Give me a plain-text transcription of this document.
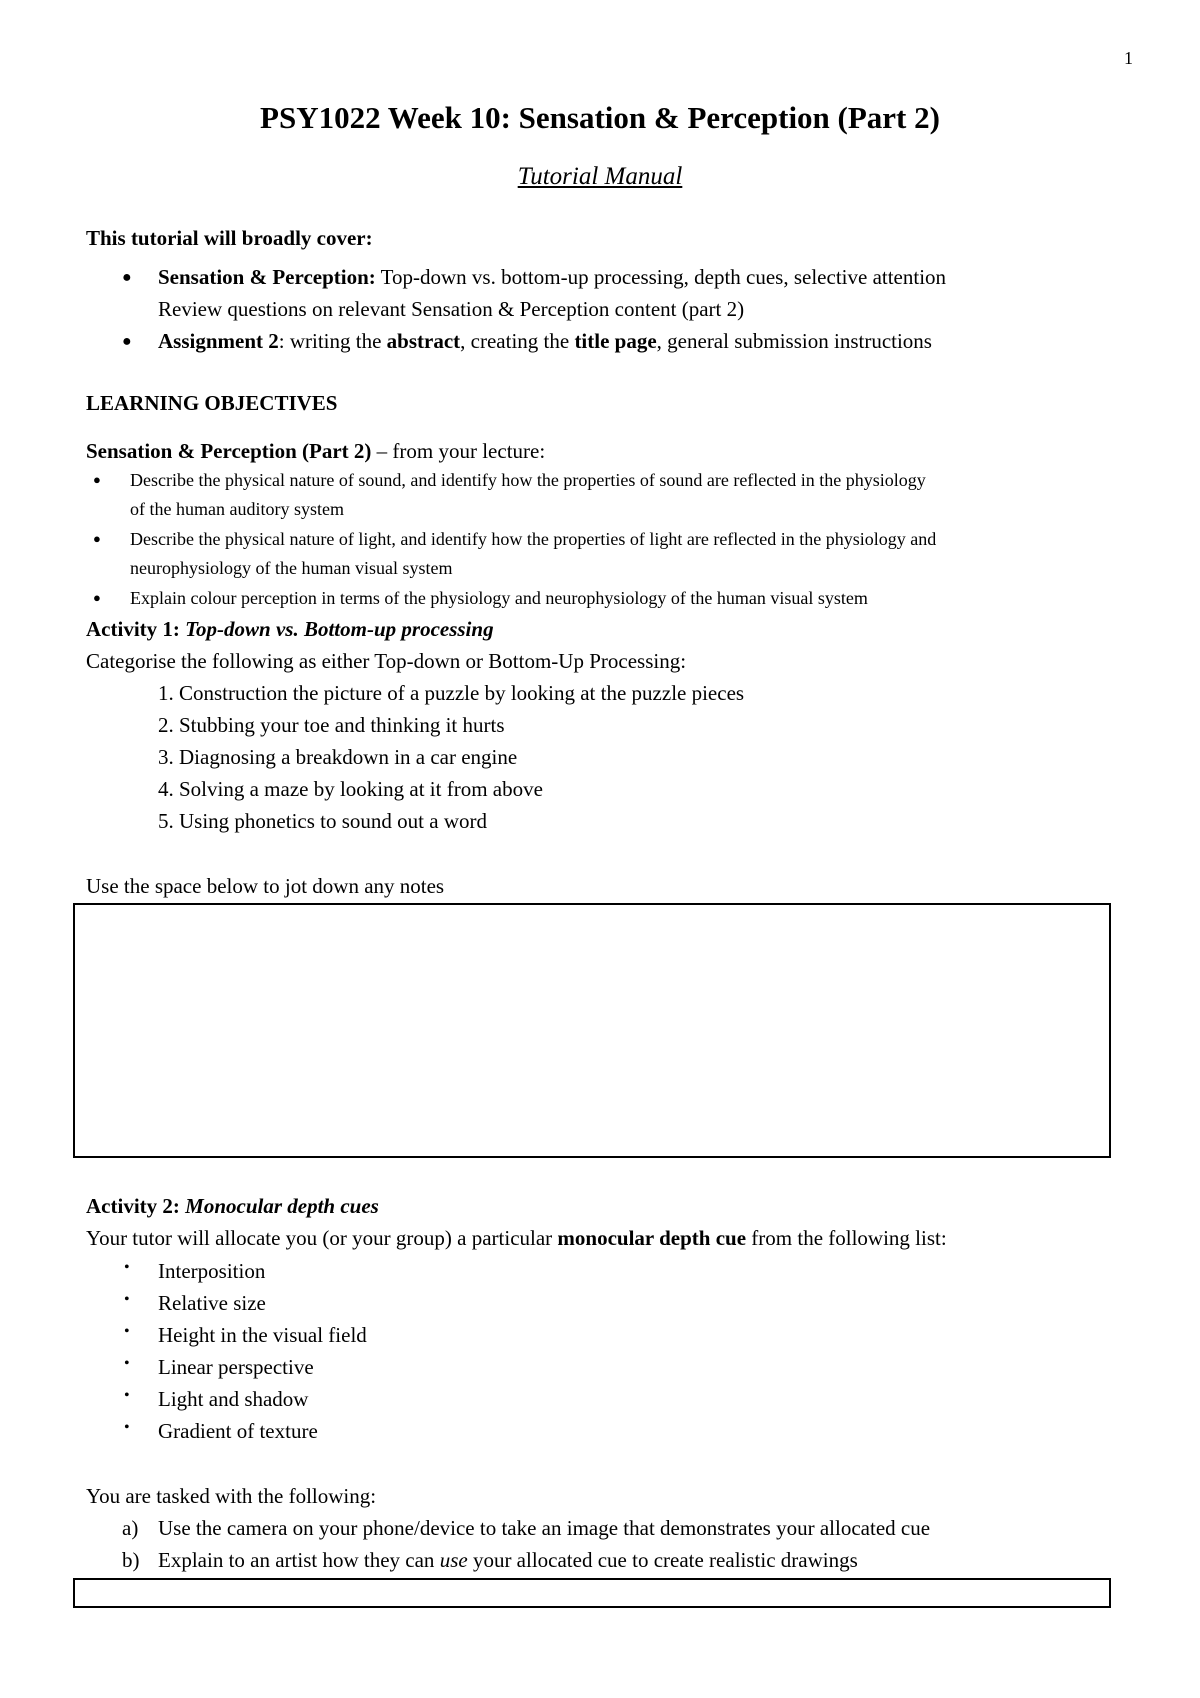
1
PSY1022 Week 10: Sensation & Perception (Part 2)
Tutorial Manual
This tutorial will broadly cover:
● Sensation & Perception: Top-down vs. bottom-up processing, depth cues, selective attention
Review questions on relevant Sensation & Perception content (part 2)
● Assignment 2: writing the abstract, creating the title page, general submission instructions
LEARNING OBJECTIVES
Sensation & Perception (Part 2) – from your lecture:
● Describe the physical nature of sound, and identify how the properties of sound are reflected in the physiology
of the human auditory system
● Describe the physical nature of light, and identify how the properties of light are reflected in the physiology and
neurophysiology of the human visual system
● Explain colour perception in terms of the physiology and neurophysiology of the human visual system
Activity 1: Top-down vs. Bottom-up processing
Categorise the following as either Top-down or Bottom-Up Processing:
1. Construction the picture of a puzzle by looking at the puzzle pieces
2. Stubbing your toe and thinking it hurts
3. Diagnosing a breakdown in a car engine
4. Solving a maze by looking at it from above
5. Using phonetics to sound out a word
Use the space below to jot down any notes
Activity 2: Monocular depth cues
Your tutor will allocate you (or your group) a particular monocular depth cue from the following list:
• Interposition
• Relative size
• Height in the visual field
• Linear perspective
• Light and shadow
• Gradient of texture
You are tasked with the following:
a) Use the camera on your phone/device to take an image that demonstrates your allocated cue
b) Explain to an artist how they can use your allocated cue to create realistic drawings
